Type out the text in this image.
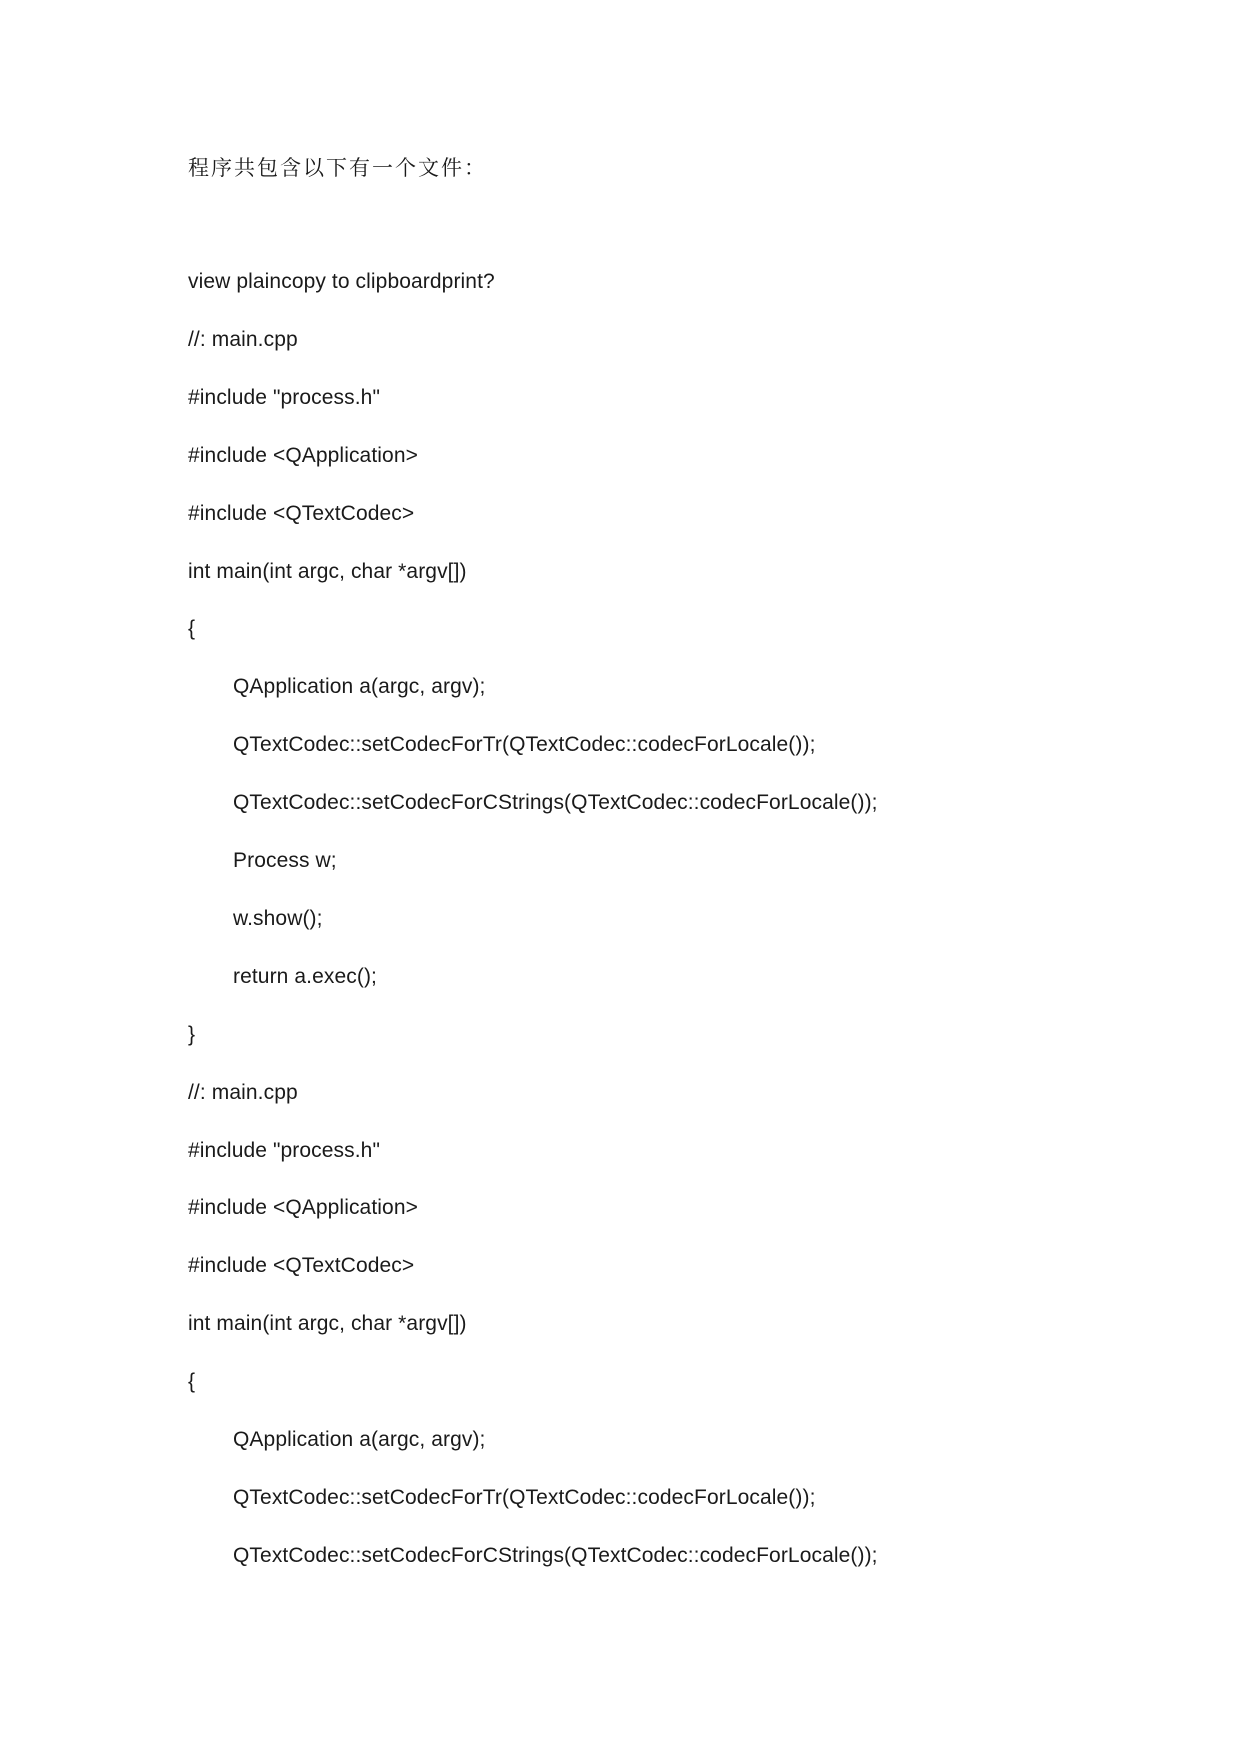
程序共包含以下有一个文件：
view plaincopy to clipboardprint?
//: main.cpp
#include "process.h"
#include <QApplication>
#include <QTextCodec>
int main(int argc, char *argv[])
{
QApplication a(argc, argv);
QTextCodec::setCodecForTr(QTextCodec::codecForLocale());
QTextCodec::setCodecForCStrings(QTextCodec::codecForLocale());
Process w;
w.show();
return a.exec();
}
//: main.cpp
#include "process.h"
#include <QApplication>
#include <QTextCodec>
int main(int argc, char *argv[])
{
QApplication a(argc, argv);
QTextCodec::setCodecForTr(QTextCodec::codecForLocale());
QTextCodec::setCodecForCStrings(QTextCodec::codecForLocale());
